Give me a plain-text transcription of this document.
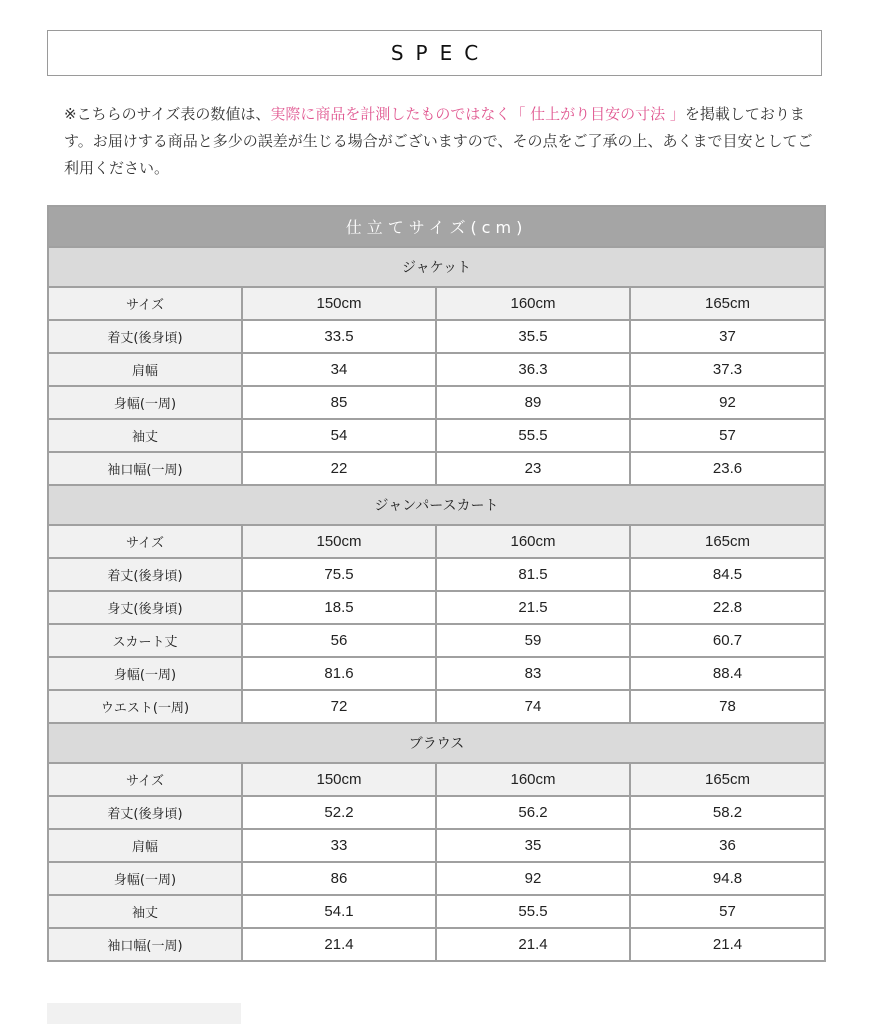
SPEC

※こちらのサイズ表の数値は、実際に商品を計測したものではなく「 仕上がり目安の寸法 」を掲載しております。お届けする商品と多少の誤差が生じる場合がございますので、その点をご了承の上、あくまで目安としてご利用ください。

仕立てサイズ(cm)			
ジャケット			
サイズ	150cm	160cm	165cm
着丈(後身頃)	33.5	35.5	37
肩幅	34	36.3	37.3
身幅(一周)	85	89	92
袖丈	54	55.5	57
袖口幅(一周)	22	23	23.6
ジャンパースカート			
サイズ	150cm	160cm	165cm
着丈(後身頃)	75.5	81.5	84.5
身丈(後身頃)	18.5	21.5	22.8
スカート丈	56	59	60.7
身幅(一周)	81.6	83	88.4
ウエスト(一周)	72	74	78
ブラウス			
サイズ	150cm	160cm	165cm
着丈(後身頃)	52.2	56.2	58.2
肩幅	33	35	36
身幅(一周)	86	92	94.8
袖丈	54.1	55.5	57
袖口幅(一周)	21.4	21.4	21.4
